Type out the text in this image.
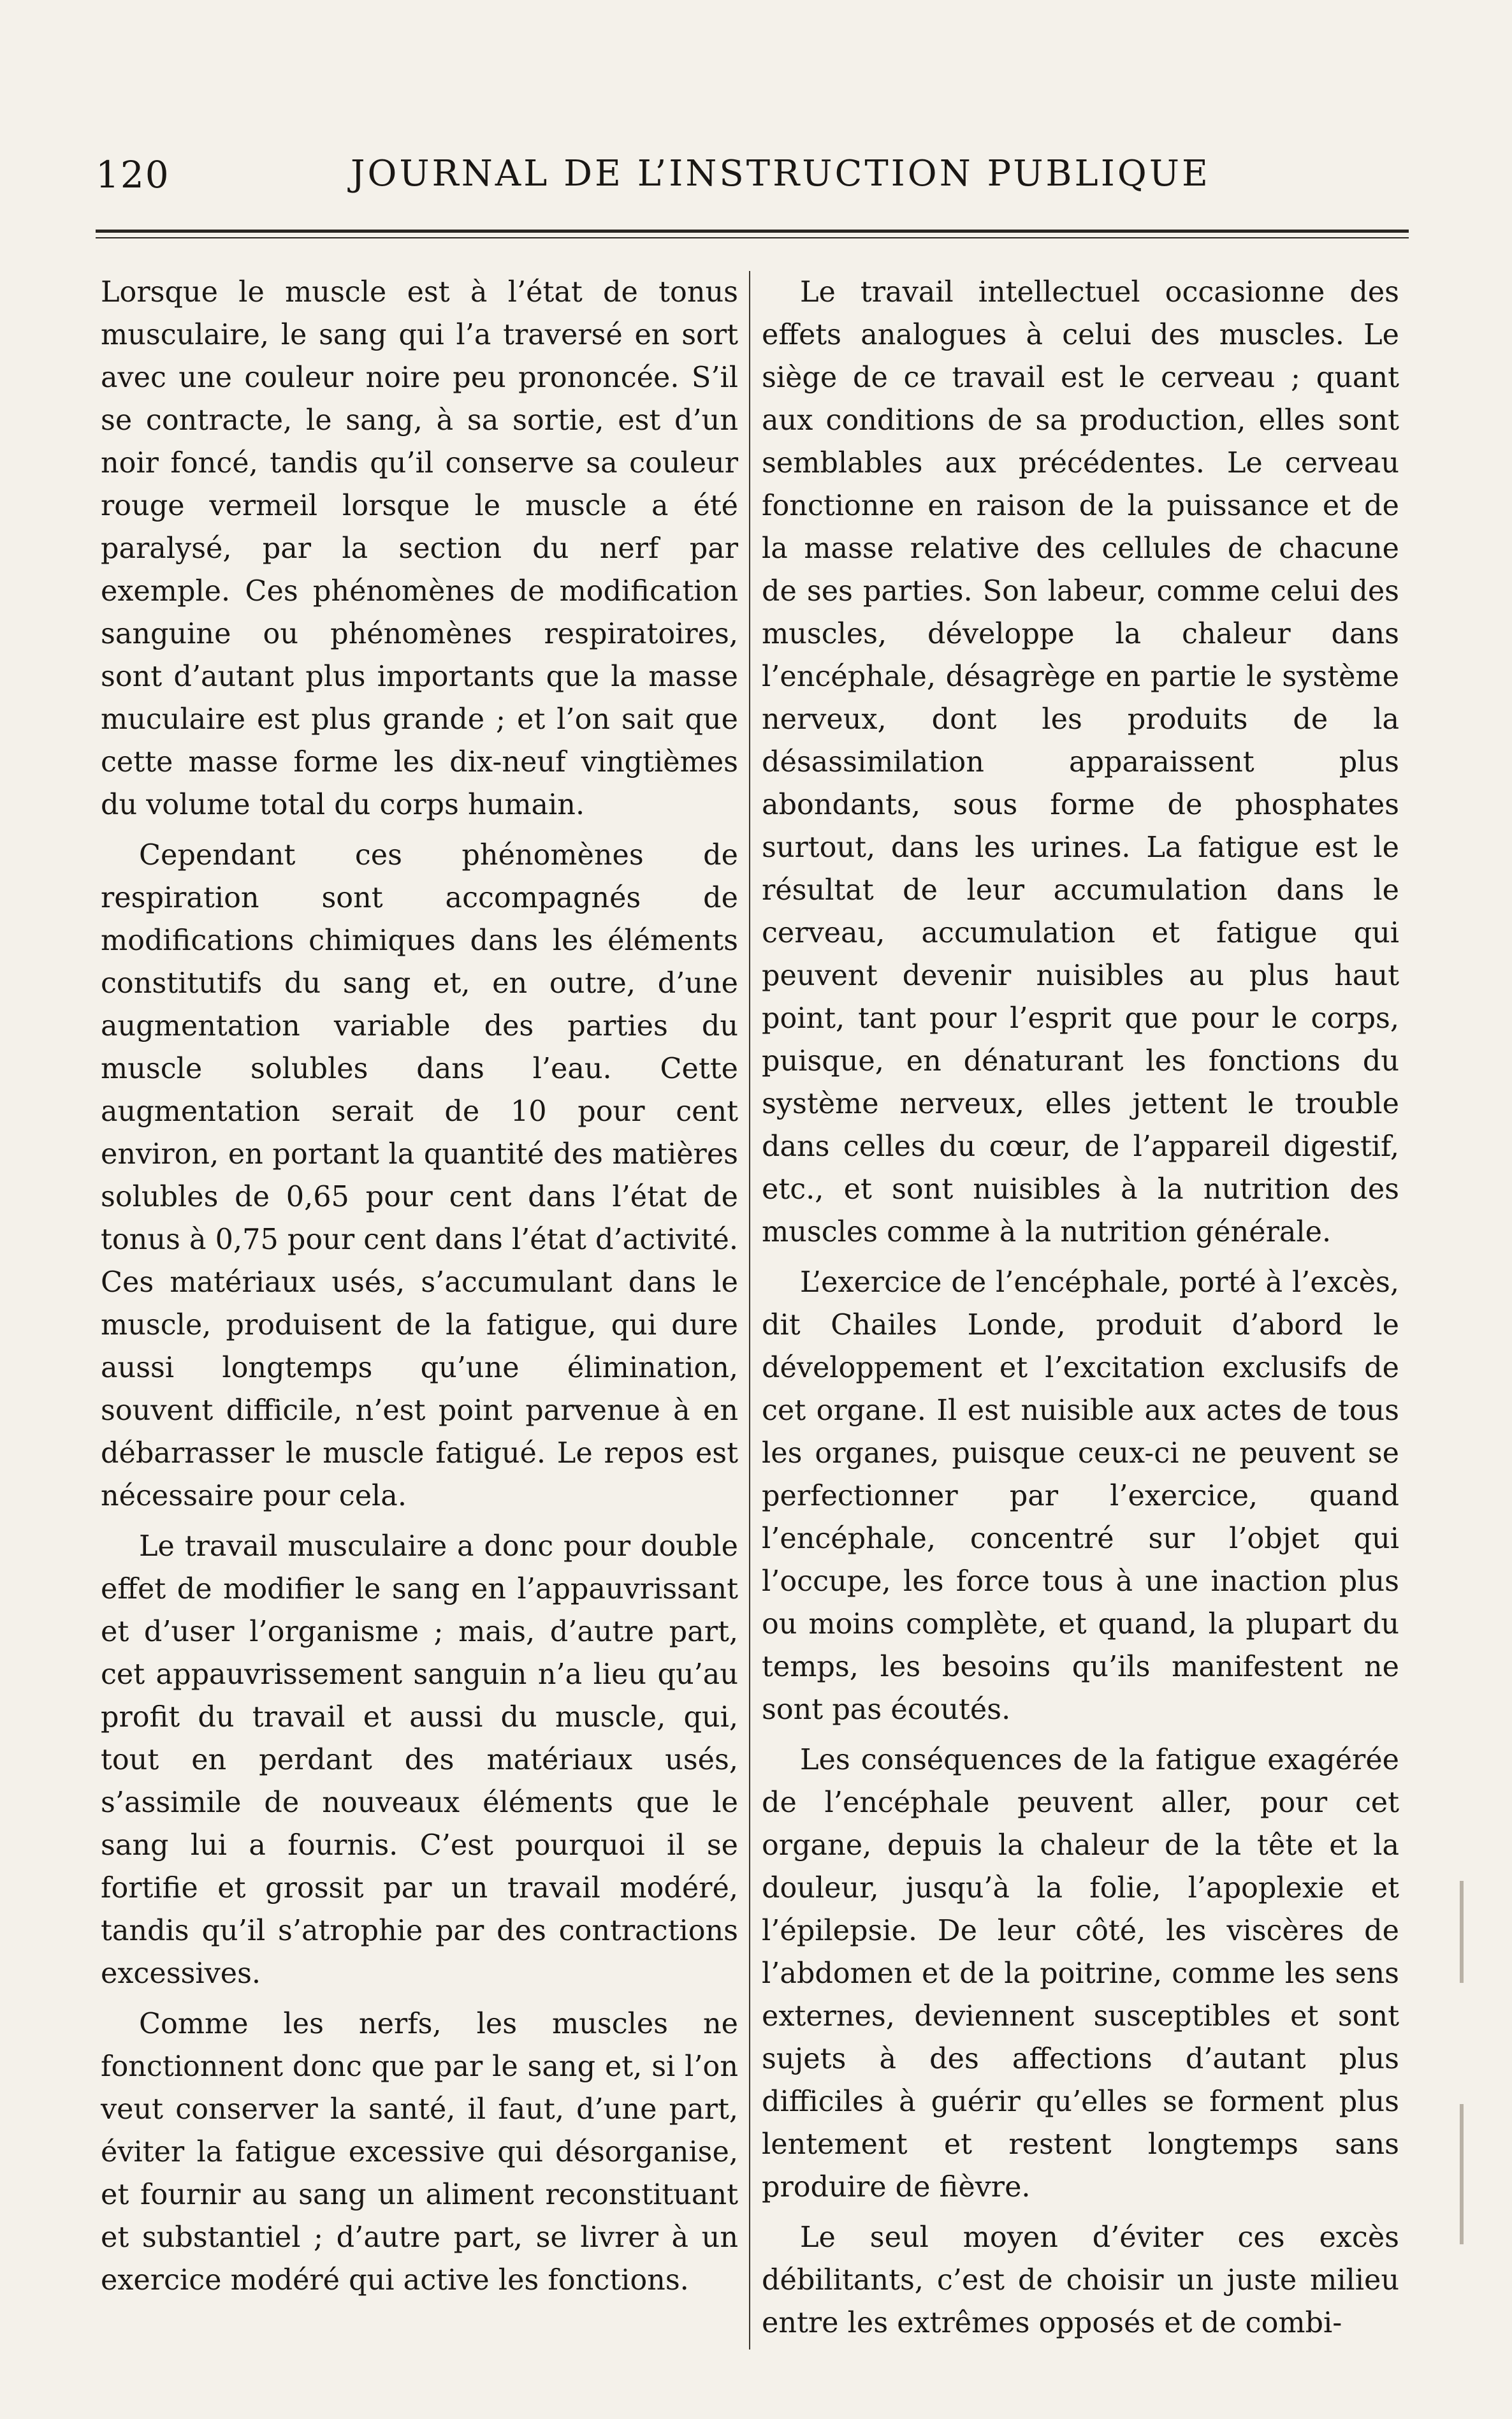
120	JOURNAL DE L’INSTRUCTION PUBLIQUE

Lorsque le muscle est à l’état de tonus musculaire, le sang qui l’a traversé en sort avec une couleur noire peu prononcée. S’il se contracte, le sang, à sa sortie, est d’un noir foncé, tandis qu’il conserve sa couleur rouge vermeil lorsque le muscle a été paralysé, par la section du nerf par exemple. Ces phénomènes de modification sanguine ou phénomènes respiratoires, sont d’autant plus importants que la masse muculaire est plus grande ; et l’on sait que cette masse forme les dix-neuf vingtièmes du volume total du corps humain.

Cependant ces phénomènes de respiration sont accompagnés de modifications chimiques dans les éléments constitutifs du sang et, en outre, d’une augmentation variable des parties du muscle solubles dans l’eau. Cette augmentation serait de 10 pour cent environ, en portant la quantité des matières solubles de 0,65 pour cent dans l’état de tonus à 0,75 pour cent dans l’état d’activité. Ces matériaux usés, s’accumulant dans le muscle, produisent de la fatigue, qui dure aussi longtemps qu’une élimination, souvent difficile, n’est point parvenue à en débarrasser le muscle fatigué. Le repos est nécessaire pour cela.

Le travail musculaire a donc pour double effet de modifier le sang en l’appauvrissant et d’user l’organisme ; mais, d’autre part, cet appauvrissement sanguin n’a lieu qu’au profit du travail et aussi du muscle, qui, tout en perdant des matériaux usés, s’assimile de nouveaux éléments que le sang lui a fournis. C’est pourquoi il se fortifie et grossit par un travail modéré, tandis qu’il s’atrophie par des contractions excessives.

Comme les nerfs, les muscles ne fonctionnent donc que par le sang et, si l’on veut conserver la santé, il faut, d’une part, éviter la fatigue excessive qui désorganise, et fournir au sang un aliment reconstituant et substantiel ; d’autre part, se livrer à un exercice modéré qui active les fonctions.

Le travail intellectuel occasionne des effets analogues à celui des muscles. Le siège de ce travail est le cerveau ; quant aux conditions de sa production, elles sont semblables aux précédentes. Le cerveau fonctionne en raison de la puissance et de la masse relative des cellules de chacune de ses parties. Son labeur, comme celui des muscles, développe la chaleur dans l’encéphale, désagrège en partie le système nerveux, dont les produits de la désassimilation apparaissent plus abondants, sous forme de phosphates surtout, dans les urines. La fatigue est le résultat de leur accumulation dans le cerveau, accumulation et fatigue qui peuvent devenir nuisibles au plus haut point, tant pour l’esprit que pour le corps, puisque, en dénaturant les fonctions du système nerveux, elles jettent le trouble dans celles du cœur, de l’appareil digestif, etc., et sont nuisibles à la nutrition des muscles comme à la nutrition générale.

L’exercice de l’encéphale, porté à l’excès, dit Chailes Londe, produit d’abord le développement et l’excitation exclusifs de cet organe. Il est nuisible aux actes de tous les organes, puisque ceux-ci ne peuvent se perfectionner par l’exercice, quand l’encéphale, concentré sur l’objet qui l’occupe, les force tous à une inaction plus ou moins complète, et quand, la plupart du temps, les besoins qu’ils manifestent ne sont pas écoutés.

Les conséquences de la fatigue exagérée de l’encéphale peuvent aller, pour cet organe, depuis la chaleur de la tête et la douleur, jusqu’à la folie, l’apoplexie et l’épilepsie. De leur côté, les viscères de l’abdomen et de la poitrine, comme les sens externes, deviennent susceptibles et sont sujets à des affections d’autant plus difficiles à guérir qu’elles se forment plus lentement et restent longtemps sans produire de fièvre.

Le seul moyen d’éviter ces excès débilitants, c’est de choisir un juste milieu entre les extrêmes opposés et de combi-
